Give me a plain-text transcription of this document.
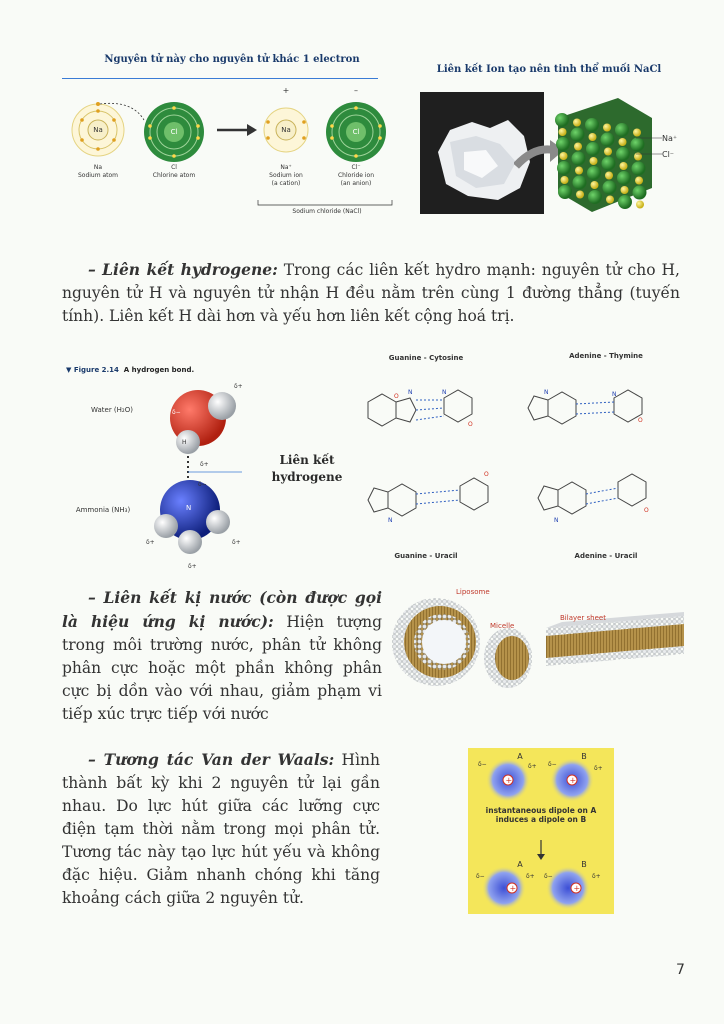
Nguyên tử này cho nguyên tử khác 1 electron
Na	Cl	Na	Cl
+	–
Na
Sodium atom
Cl
Chlorine atom
Na⁺
Sodium ion
(a cation)
Cl⁻
Chloride ion
(an anion)
Sodium chloride (NaCl)
Liên kết Ion tạo nên tinh thể muối NaCl
Na⁺
Cl⁻
– Liên kết hydrogene: Trong các liên kết hydro mạnh: nguyên tử cho H, nguyên tử H và nguyên tử nhận H đều nằm trên cùng 1 đường thẳng (tuyến tính). Liên kết H dài hơn và yếu hơn liên kết cộng hoá trị.
▼ Figure 2.14 A hydrogen bond.
Water (H₂O)
Ammonia (NH₃)
δ−
δ+
H
δ+
δ−
N
δ+	δ+
δ+
Liên kết
hydrogene
Guanine - Cytosine	Adenine - Thymine
Guanine - Uracil	Adenine - Uracil
O
O
O
O
O
N	N	N	N
N	N
– Liên kết kị nước (còn được gọi là hiệu ứng kị nước): Hiện tượng trong môi trường nước, phân tử không phân cực hoặc một phần không phân cực bị dồn vào với nhau, giảm phạm vi tiếp xúc trực tiếp với nước
Liposome
Micelle
Bilayer sheet
– Tương tác Van der Waals: Hình thành bất kỳ khi 2 nguyên tử lại gần nhau. Do lực hút giữa các lưỡng cực điện tạm thời nằm trong mọi phân tử. Tương tác này tạo lực hút yếu và không đặc hiệu. Giảm nhanh chóng khi tăng khoảng cách giữa 2 nguyên tử.
+	+
+	+
δ−	δ+ δ−
δ+
δ−	δ+ δ−	δ+
A	B
A	B
instantaneous dipole on A induces a dipole on B
7
